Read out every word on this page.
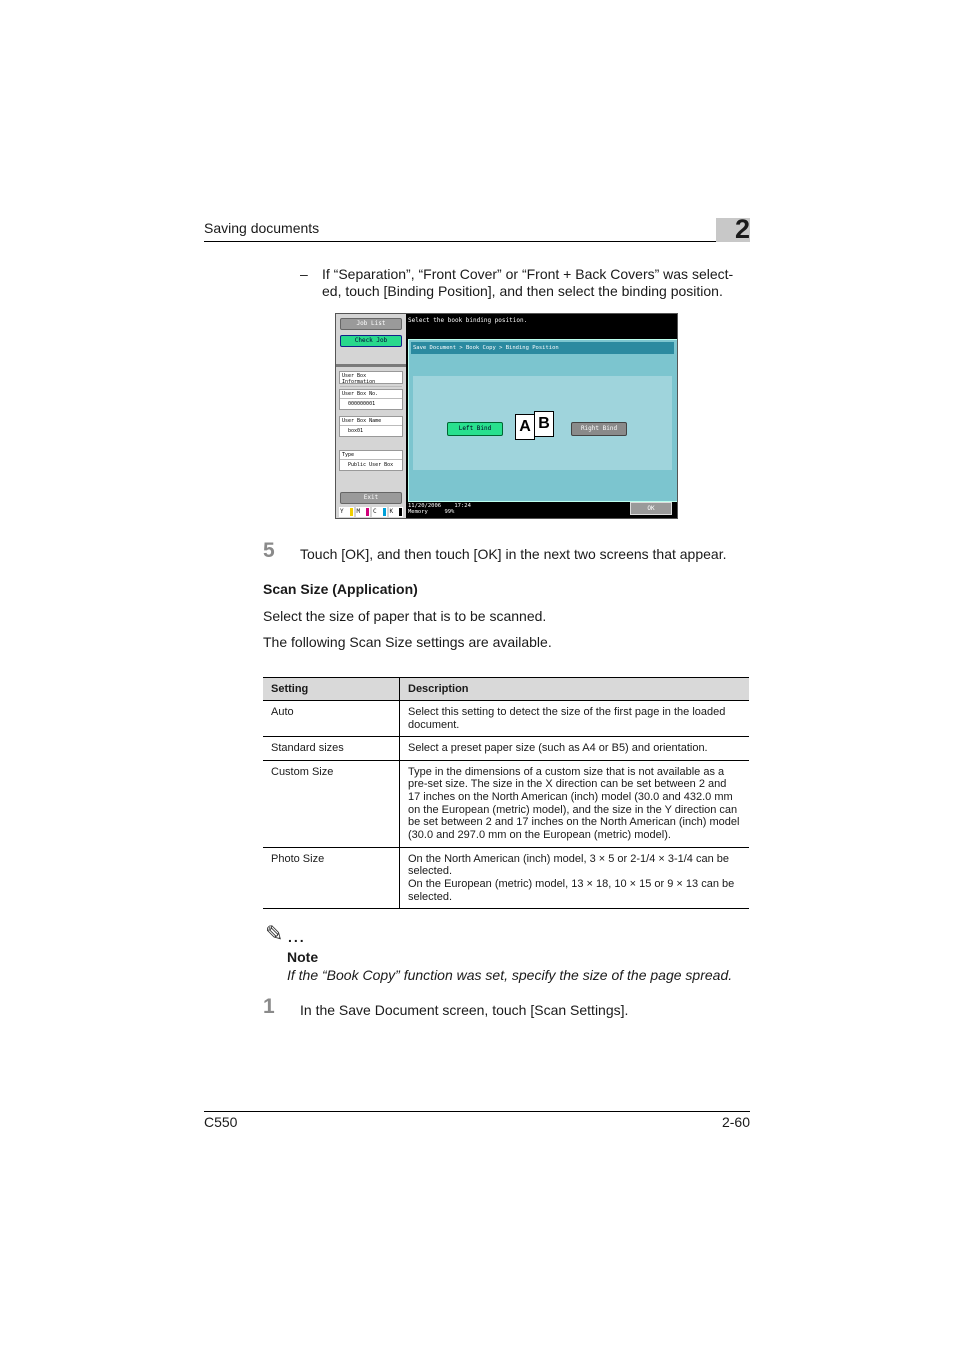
Saving documents	2
– If “Separation”, “Front Cover” or “Front + Back Covers” was select-ed, touch [Binding Position], and then select the binding position.
Job List
Check Job
User Box Information
User Box No.
000000001
User Box Name
box01
Type
Public User Box
Exit
Y	M	C	K
Select the book binding position.
Save Document > Book Copy > Binding Position
Left Bind	A B	Right Bind
11/20/2006 17:24
Memory	99%	OK
5 Touch [OK], and then touch [OK] in the next two screens that appear.
Scan Size (Application)
Select the size of paper that is to be scanned.
The following Scan Size settings are available.
Setting	Description
Auto	Select this setting to detect the size of the first page in the loaded document.
Standard sizes	Select a preset paper size (such as A4 or B5) and orientation.
Custom Size	Type in the dimensions of a custom size that is not available as a pre-set size. The size in the X direction can be set between 2 and 17 inches on the North American (inch) model (30.0 and 432.0 mm on the European (metric) model), and the size in the Y direction can be set between 2 and 17 inches on the North American (inch) model (30.0 and 297.0 mm on the European (metric) model).
Photo Size	On the North American (inch) model, 3 × 5 or 2-1/4 × 3-1/4 can be selected.
On the European (metric) model, 13 × 18, 10 × 15 or 9 × 13 can be selected.
✎ ...
Note
If the “Book Copy” function was set, specify the size of the page spread.
1 In the Save Document screen, touch [Scan Settings].
C550	2-60
